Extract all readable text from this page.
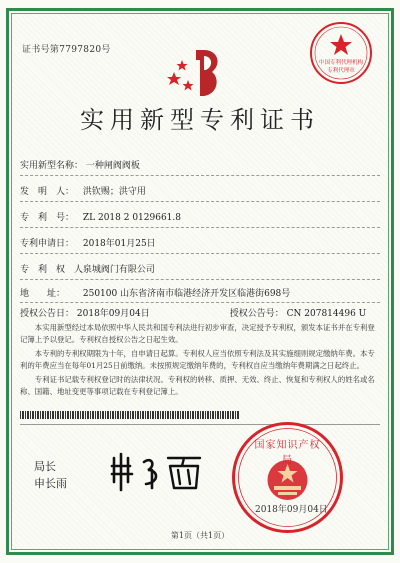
证书号第7797820号
中国专利代理机构
专利代理章
实用新型专利证书
实用新型名称： 一种闸阀阀板
发　明　人： 洪钦赐；洪守用
专　利　号： ZL 2018 2 0129661.8
专利申请日： 2018年01月25日
专　利　权　人： 泉城阀门有限公司
地　　址： 250100 山东省济南市临港经济开发区临港街698号
授权公告日： 2018年09月04日	授权公告号： CN 207814496 U

本实用新型经过本局依照中华人民共和国专利法进行初步审查，决定授予专利权，颁发本证书并在专利登记簿上予以登记。专利权自授权公告之日起生效。

本专利的专利权期限为十年，自申请日起算。专利权人应当依照专利法及其实施细则规定缴纳年费。本专利的年费应当在每年01月25日前缴纳。未按照规定缴纳年费的，专利权自应当缴纳年费期满之日起终止。

专利证书记载专利权登记时的法律状况。专利权的转移、质押、无效、终止、恢复和专利权人的姓名或名称、国籍、地址变更等事项记载在专利登记簿上。

局长
申长雨
国家知识产权局
2018年09月04日
第1页（共1页）
